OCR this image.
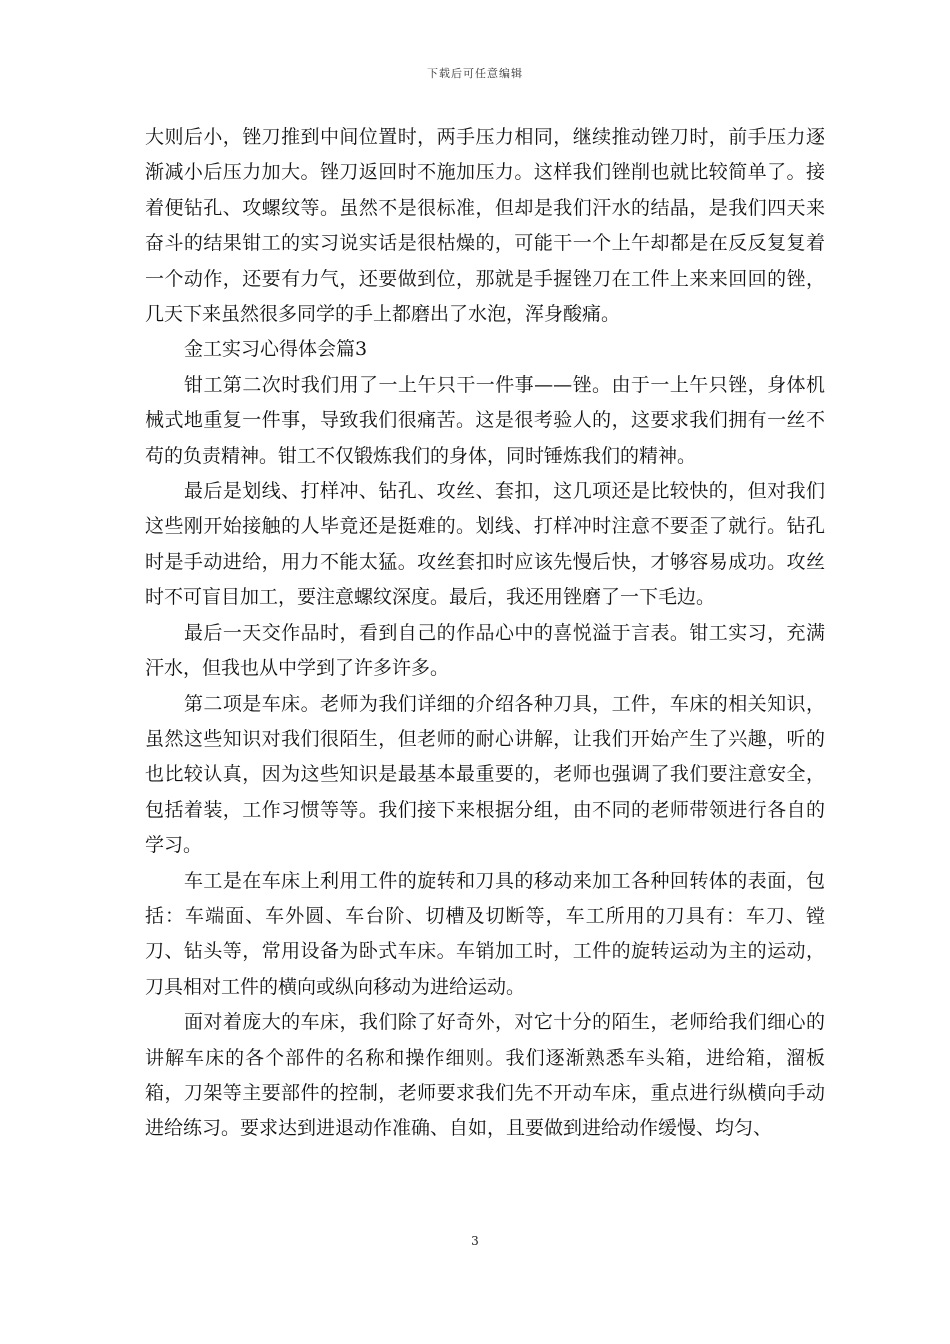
下载后可任意编辑

大则后小，锉刀推到中间位置时，两手压力相同，继续推动锉刀时，前手压力逐渐减小后压力加大。锉刀返回时不施加压力。这样我们锉削也就比较简单了。接着便钻孔、攻螺纹等。虽然不是很标准，但却是我们汗水的结晶，是我们四天来奋斗的结果钳工的实习说实话是很枯燥的，可能干一个上午却都是在反反复复着一个动作，还要有力气，还要做到位，那就是手握锉刀在工件上来来回回的锉，几天下来虽然很多同学的手上都磨出了水泡，浑身酸痛。

金工实习心得体会篇3

钳工第二次时我们用了一上午只干一件事——锉。由于一上午只锉，身体机械式地重复一件事，导致我们很痛苦。这是很考验人的，这要求我们拥有一丝不苟的负责精神。钳工不仅锻炼我们的身体，同时锤炼我们的精神。

最后是划线、打样冲、钻孔、攻丝、套扣，这几项还是比较快的，但对我们这些刚开始接触的人毕竟还是挺难的。划线、打样冲时注意不要歪了就行。钻孔时是手动进给，用力不能太猛。攻丝套扣时应该先慢后快，才够容易成功。攻丝时不可盲目加工，要注意螺纹深度。最后，我还用锉磨了一下毛边。

最后一天交作品时，看到自己的作品心中的喜悦溢于言表。钳工实习，充满汗水，但我也从中学到了许多许多。

第二项是车床。老师为我们详细的介绍各种刀具，工件，车床的相关知识，虽然这些知识对我们很陌生，但老师的耐心讲解，让我们开始产生了兴趣，听的也比较认真，因为这些知识是最基本最重要的，老师也强调了我们要注意安全，包括着装，工作习惯等等。我们接下来根据分组，由不同的老师带领进行各自的学习。

车工是在车床上利用工件的旋转和刀具的移动来加工各种回转体的表面，包括：车端面、车外圆、车台阶、切槽及切断等，车工所用的刀具有：车刀、镗刀、钻头等，常用设备为卧式车床。车销加工时，工件的旋转运动为主的运动，刀具相对工件的横向或纵向移动为进给运动。

面对着庞大的车床，我们除了好奇外，对它十分的陌生，老师给我们细心的讲解车床的各个部件的名称和操作细则。我们逐渐熟悉车头箱，进给箱，溜板箱，刀架等主要部件的控制，老师要求我们先不开动车床，重点进行纵横向手动进给练习。要求达到进退动作准确、自如，且要做到进给动作缓慢、均匀、

3
